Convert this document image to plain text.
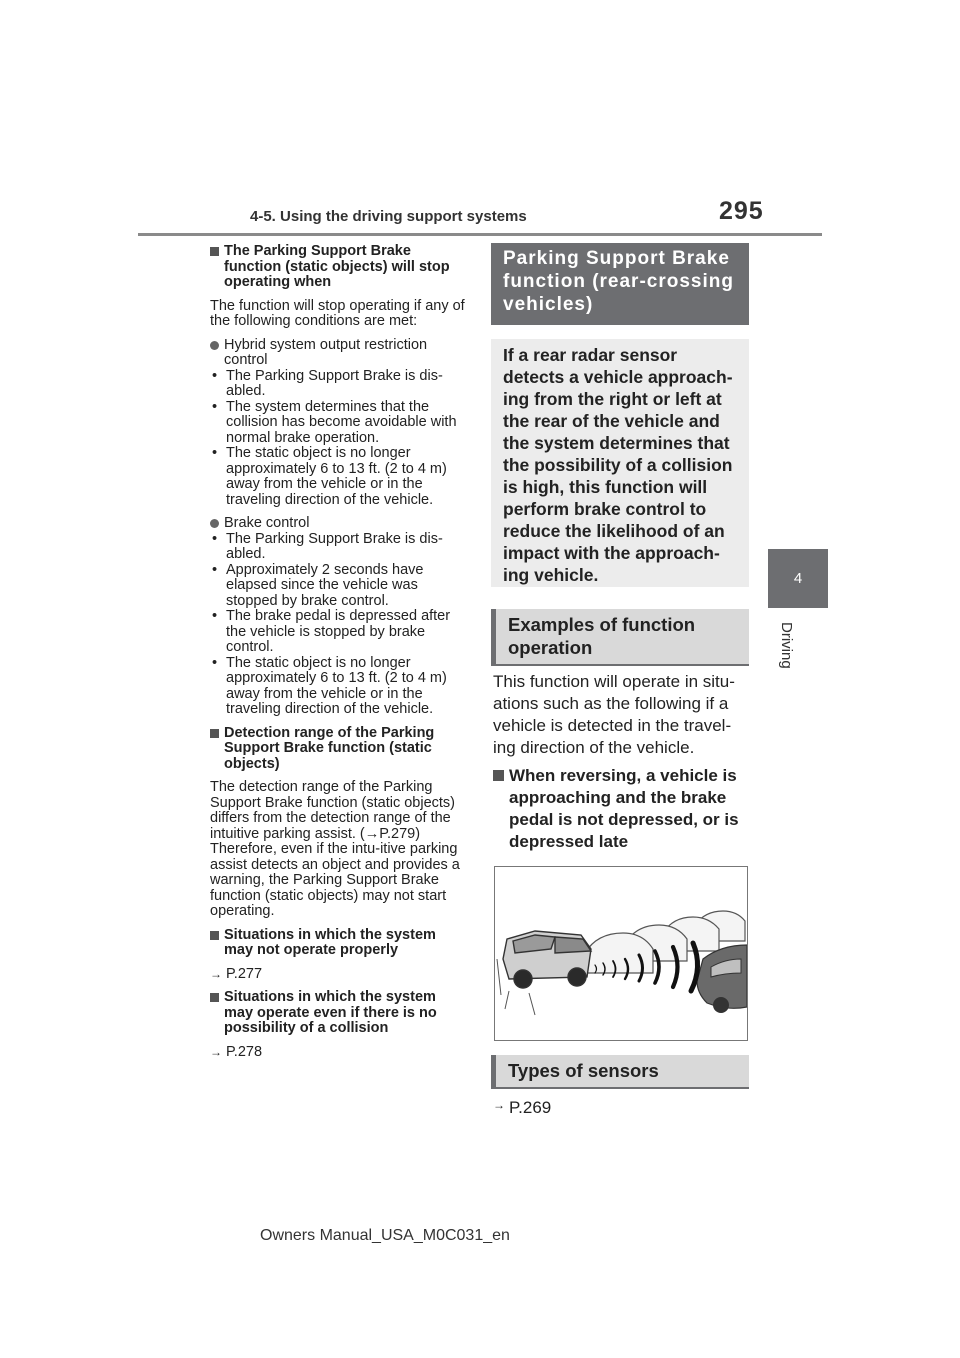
4-5. Using the driving support systems	295
4
Driving

The Parking Support Brake function (static objects) will stop operating when

The function will stop operating if any of the following conditions are met:

Hybrid system output restriction control

• The Parking Support Brake is dis-abled.

• The system determines that the collision has become avoidable with normal brake operation.

• The static object is no longer approximately 6 to 13 ft. (2 to 4 m) away from the vehicle or in the traveling direction of the vehicle.

Brake control

• The Parking Support Brake is dis-abled.

• Approximately 2 seconds have elapsed since the vehicle was stopped by brake control.

• The brake pedal is depressed after the vehicle is stopped by brake control.

• The static object is no longer approximately 6 to 13 ft. (2 to 4 m) away from the vehicle or in the traveling direction of the vehicle.

Detection range of the Parking Support Brake function (static objects)

The detection range of the Parking Support Brake function (static objects) differs from the detection range of the intuitive parking assist. (→P.279) Therefore, even if the intu-itive parking assist detects an object and provides a warning, the Parking Support Brake function (static objects) may not start operating.

Situations in which the system may not operate properly

→ P.277

Situations in which the system may operate even if there is no possibility of a collision

→ P.278

Parking Support Brake function (rear-crossing vehicles)
If a rear radar sensor detects a vehicle approach-ing from the right or left at the rear of the vehicle and the system determines that the possibility of a collision is high, this function will perform brake control to reduce the likelihood of an impact with the approach-ing vehicle.
Examples of function operation
This function will operate in situ-ations such as the following if a vehicle is detected in the travel-ing direction of the vehicle.
When reversing, a vehicle is approaching and the brake pedal is not depressed, or is depressed late
Types of sensors
→ P.269
Owners Manual_USA_M0C031_en
